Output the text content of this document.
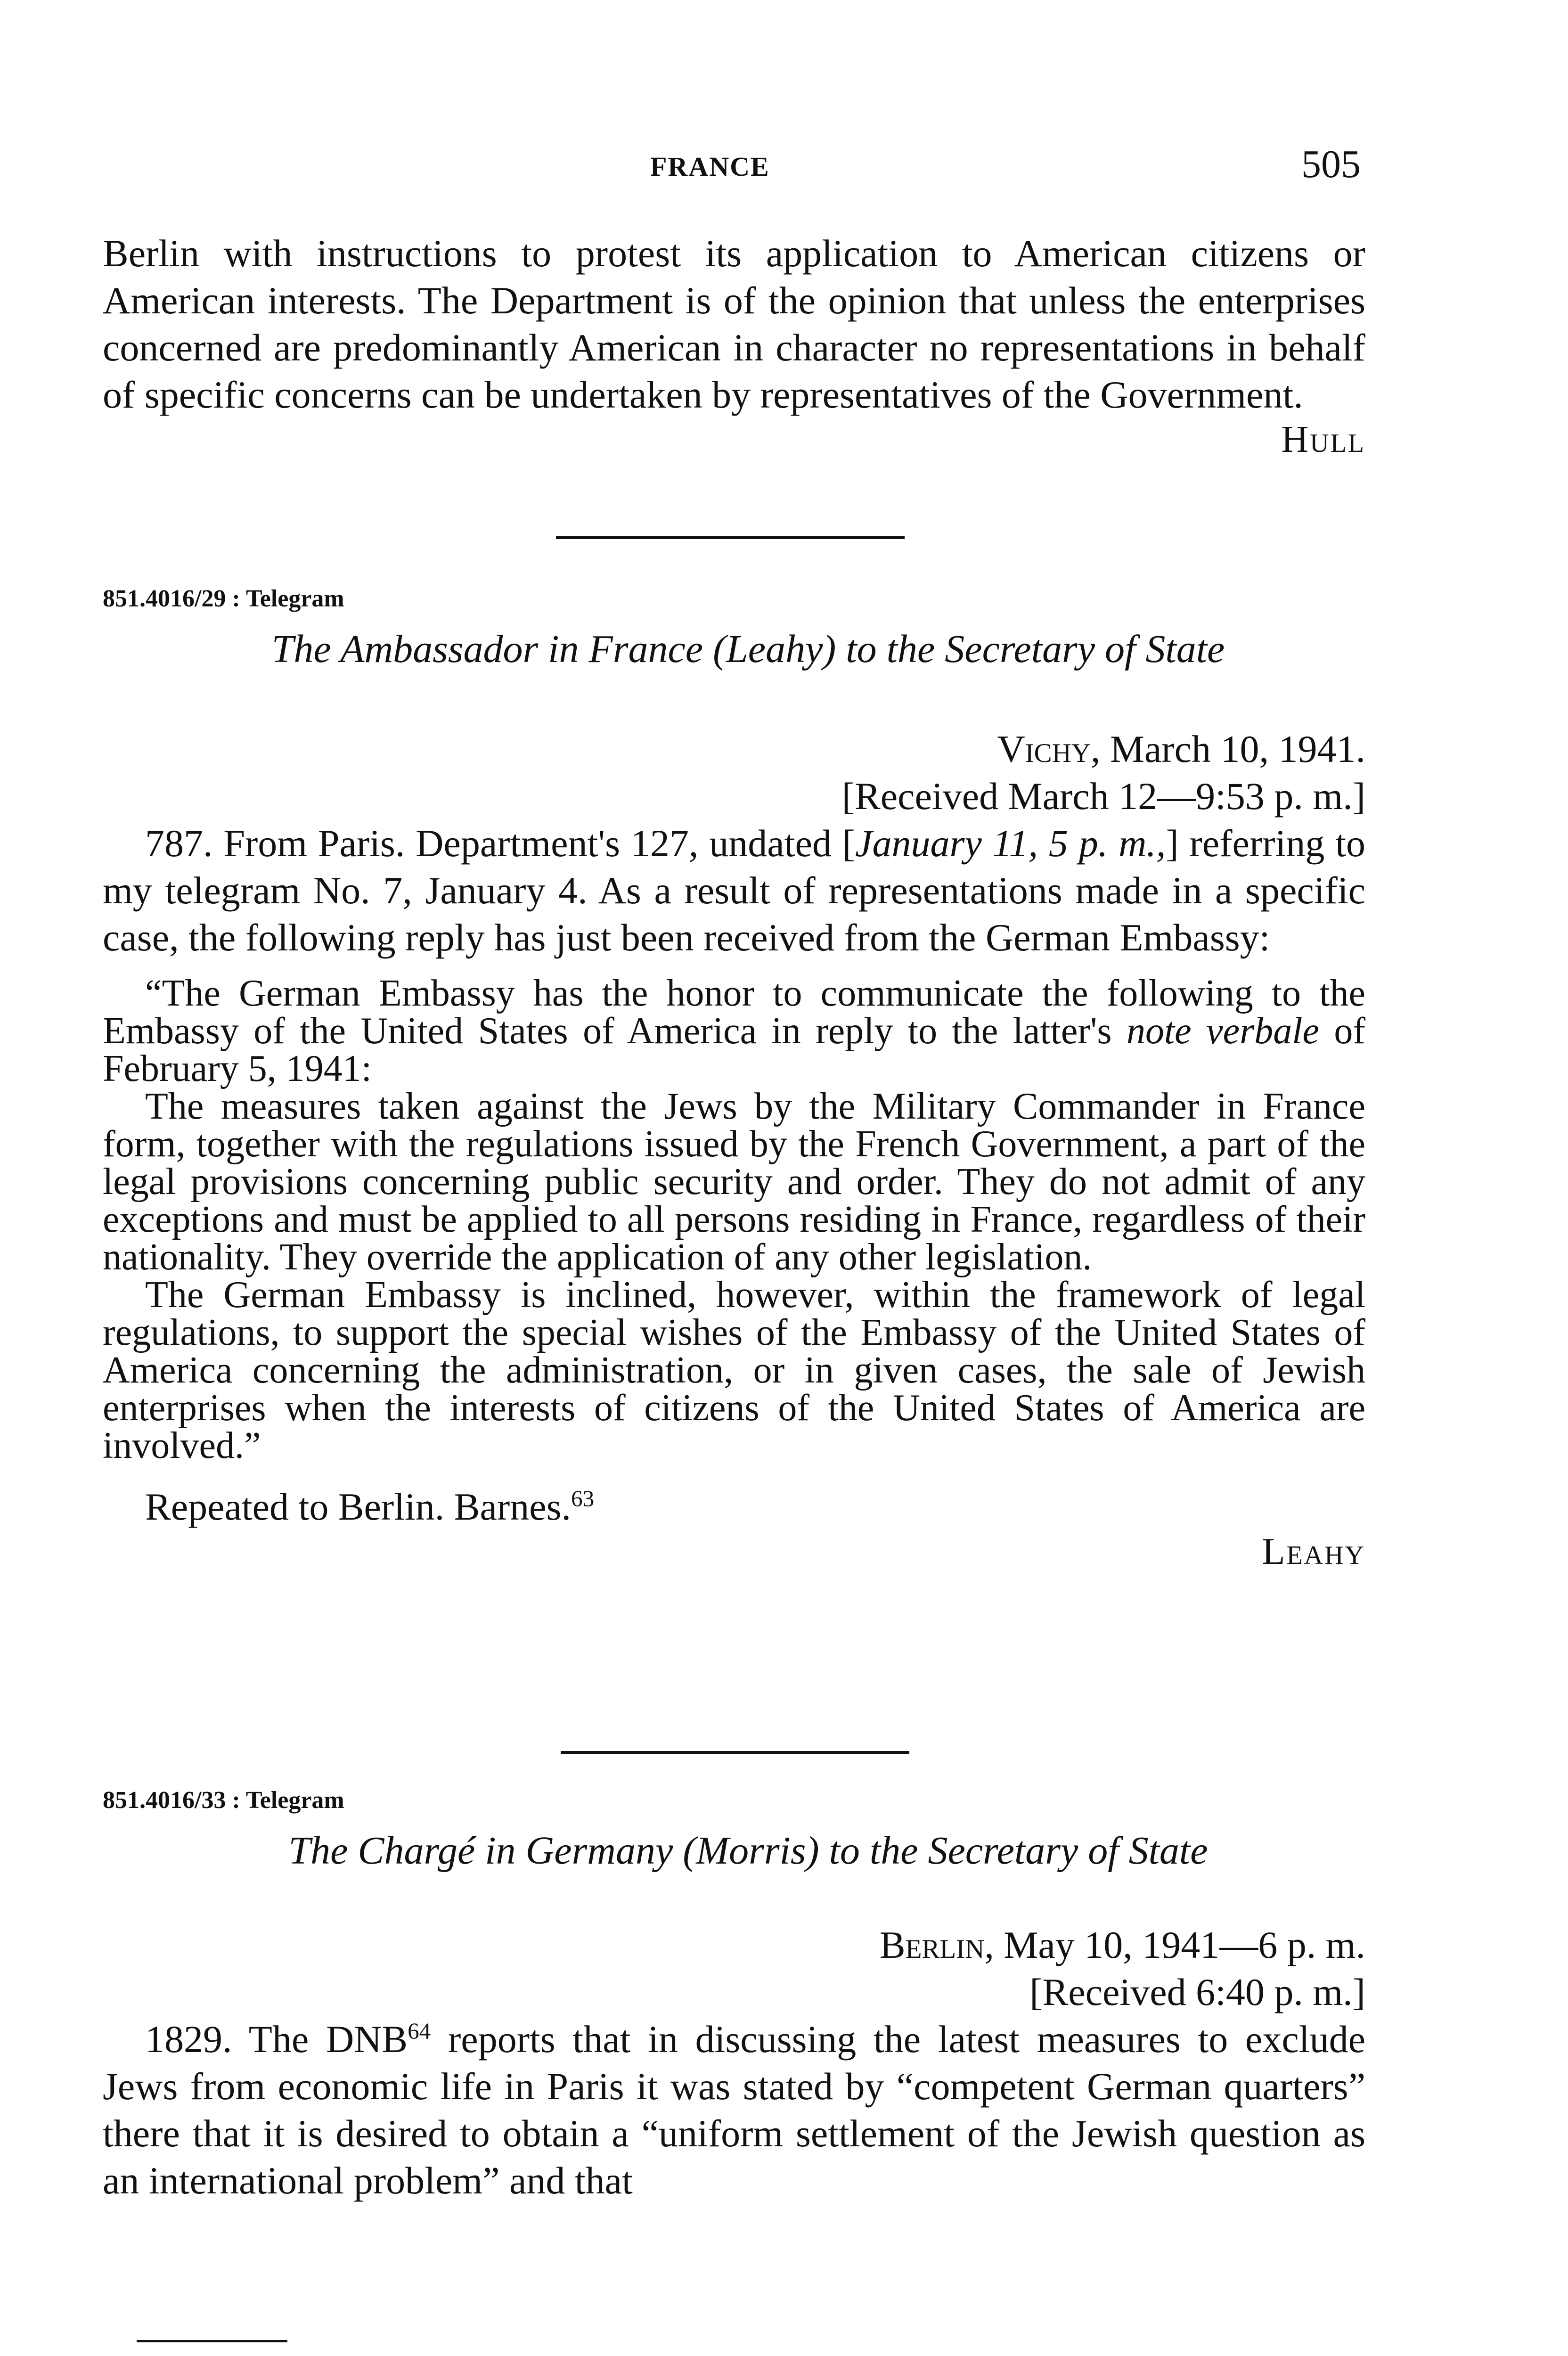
FRANCE	505

Berlin with instructions to protest its application to American citizens or American interests. The Department is of the opinion that unless the enterprises concerned are predominantly American in character no representations in behalf of specific concerns can be undertaken by representatives of the Government.

Hull
851.4016/29 : Telegram
The Ambassador in France (Leahy) to the Secretary of State
Vichy, March 10, 1941.
[Received March 12—9:53 p. m.]

787. From Paris. Department's 127, undated [January 11, 5 p. m.,] referring to my telegram No. 7, January 4. As a result of representations made in a specific case, the following reply has just been received from the German Embassy:

“The German Embassy has the honor to communicate the following to the Embassy of the United States of America in reply to the latter's note verbale of February 5, 1941:

The measures taken against the Jews by the Military Commander in France form, together with the regulations issued by the French Government, a part of the legal provisions concerning public security and order. They do not admit of any exceptions and must be applied to all persons residing in France, regardless of their nationality. They override the application of any other legislation.

The German Embassy is inclined, however, within the framework of legal regulations, to support the special wishes of the Embassy of the United States of America concerning the administration, or in given cases, the sale of Jewish enterprises when the interests of citizens of the United States of America are involved.”

Repeated to Berlin. Barnes.$^{63}$

Leahy
851.4016/33 : Telegram
The Chargé in Germany (Morris) to the Secretary of State
Berlin, May 10, 1941—6 p. m.
[Received 6:40 p. m.]

1829. The DNB$^{64}$ reports that in discussing the latest measures to exclude Jews from economic life in Paris it was stated by “competent German quarters” there that it is desired to obtain a “uniform settlement of the Jewish question as an international problem” and that
